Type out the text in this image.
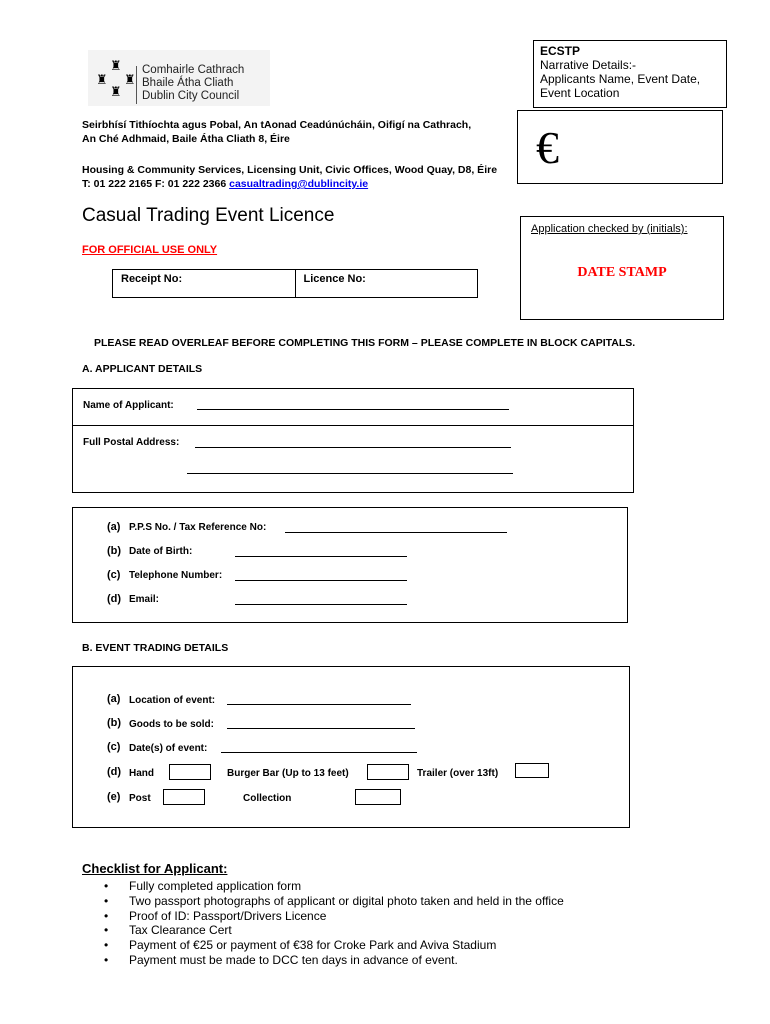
♜
♜ ♜
♜
Comhairle Cathrach
Bhaile Átha Cliath
Dublin City Council
Seirbhísí Tithíochta agus Pobal, An tAonad Ceadúnúcháin, Oifigí na Cathrach,
An Ché Adhmaid, Baile Átha Cliath 8, Éire
Housing & Community Services, Licensing Unit, Civic Offices, Wood Quay, D8, Éire
T: 01 222 2165 F: 01 222 2366 casualtrading@dublincity.ie
ECSTP
Narrative Details:-
Applicants Name, Event Date,
Event Location
€
Casual Trading Event Licence
FOR OFFICIAL USE ONLY
Receipt No:	Licence No:
Application checked by (initials):
DATE STAMP
PLEASE READ OVERLEAF BEFORE COMPLETING THIS FORM – PLEASE COMPLETE IN BLOCK CAPITALS.
A. APPLICANT DETAILS
Name of Applicant:
Full Postal Address:
(a) P.P.S No. / Tax Reference No:
(b) Date of Birth:
(c) Telephone Number:
(d) Email:
B. EVENT TRADING DETAILS
(a) Location of event:
(b) Goods to be sold:
(c) Date(s) of event:
(d) Hand	Burger Bar (Up to 13 feet)	Trailer (over 13ft)
(e) Post	Collection
Checklist for Applicant:
• Fully completed application form
• Two passport photographs of applicant or digital photo taken and held in the office
• Proof of ID: Passport/Drivers Licence
• Tax Clearance Cert
• Payment of €25 or payment of €38 for Croke Park and Aviva Stadium
• Payment must be made to DCC ten days in advance of event.
